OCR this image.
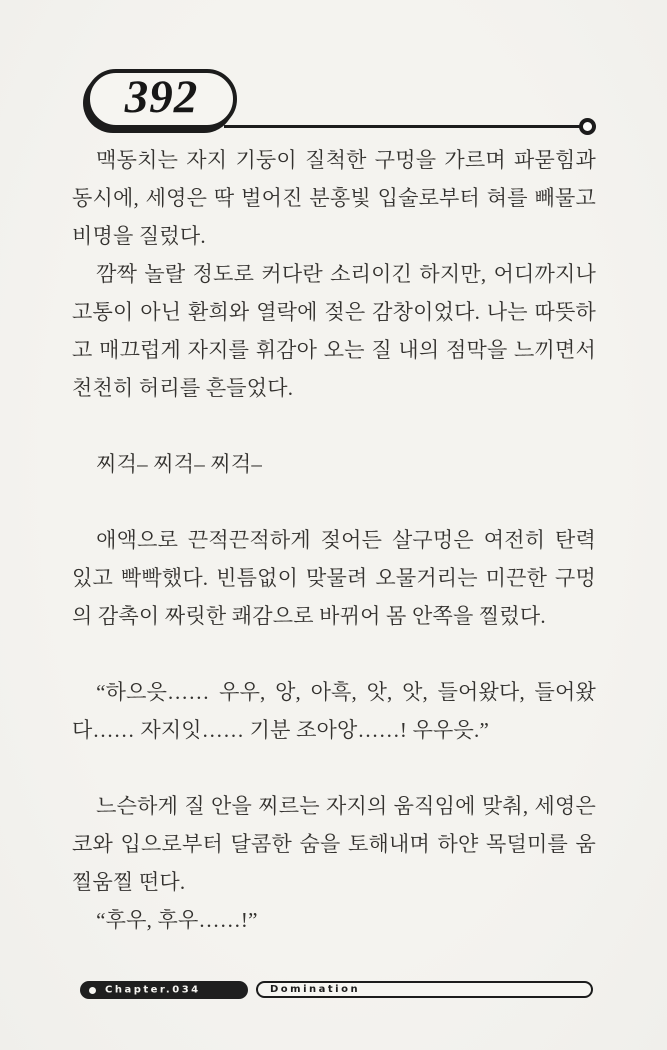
392

맥동치는 자지 기둥이 질척한 구멍을 가르며 파묻힘과 동시에, 세영은 딱 벌어진 분홍빛 입술로부터 혀를 빼물고 비명을 질렀다.

깜짝 놀랄 정도로 커다란 소리이긴 하지만, 어디까지나 고통이 아닌 환희와 열락에 젖은 감창이었다. 나는 따뜻하고 매끄럽게 자지를 휘감아 오는 질 내의 점막을 느끼면서 천천히 허리를 흔들었다.

찌걱– 찌걱– 찌걱–

애액으로 끈적끈적하게 젖어든 살구멍은 여전히 탄력 있고 빡빡했다. 빈틈없이 맞물려 오물거리는 미끈한 구멍의 감촉이 짜릿한 쾌감으로 바뀌어 몸 안쪽을 찔렀다.

“하으읏…… 우우, 앙, 아흑, 앗, 앗, 들어왔다, 들어왔다…… 자지잇…… 기분 조아앙……! 우우읏.”

느슨하게 질 안을 찌르는 자지의 움직임에 맞춰, 세영은 코와 입으로부터 달콤한 숨을 토해내며 하얀 목덜미를 움찔움찔 떤다.

“후우, 후우……!”

Chapter.034	Domination
